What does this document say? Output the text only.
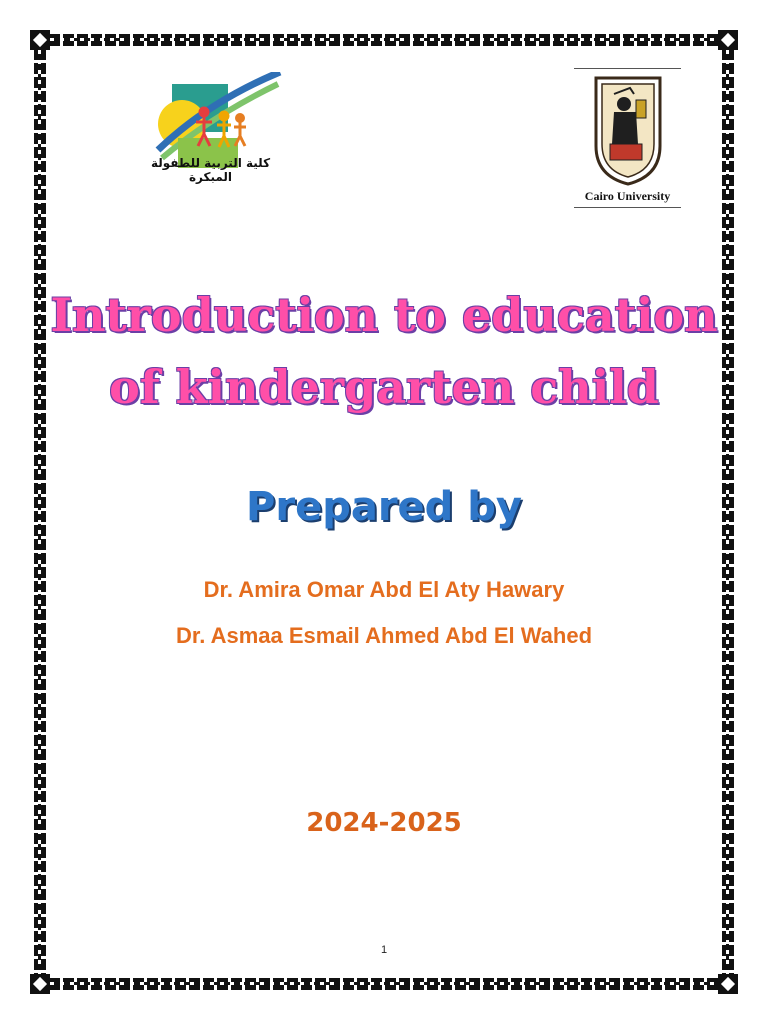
كلية التربية للطفولة المبكرة
Cairo University
Introduction to education
of kindergarten child
Prepared by
Dr. Amira Omar Abd El Aty Hawary
Dr. Asmaa Esmail Ahmed Abd El Wahed
2024-2025
1
